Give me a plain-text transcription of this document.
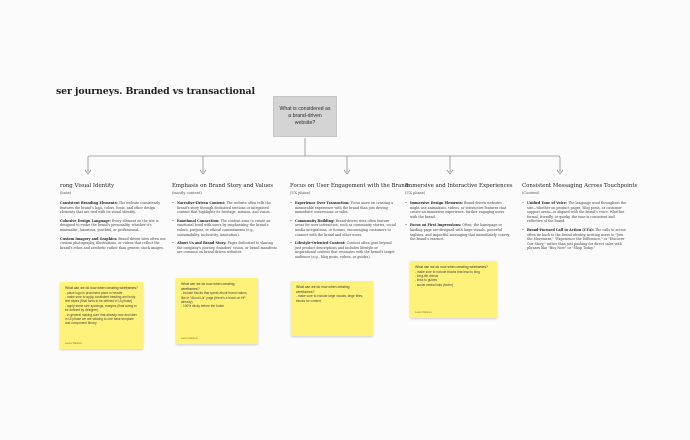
ser journeys. Branded vs transactional
What is considered as a brand-driven website?
rong Visual Identity
(base)
Consistent Branding Elements: The website consistently features the brand's logo, colors, fonts, and other design elements that are tied with its visual identity.
Cohesive Design Language: Every element on the site is designed to evoke the brand's personality, whether it's minimalist, luxurious, youthful, or professional.
Custom Imagery and Graphics: Brand-driven sites often use custom photography, illustrations, or videos that reflect the brand's ethos and aesthetic rather than generic stock images.
What can we do now when creating wireframes?
- place logo in prominent place in header
- make sure to apply consistent heading and body text styles (final fonts to be defined in UI phase)
- apply same size spacings, margins (final sizing to be defined by designer)
- in general making sure that already now and later in UI phase we are sticking to one base template and component library
Laura Vladova
Emphasis on Brand Story and Values
(mostly content)
• Narrative-Driven Content: The website often tells the brand's story through dedicated sections or integrated content that highlights its heritage, mission, and vision.
• Emotional Connection: The content aims to create an emotional bond with users by emphasizing the brand's values, purpose, or ethical commitments (e.g., sustainability, inclusivity, innovation).
• About Us and Brand Story: Pages dedicated to sharing the company's journey, founders' vision, or brand manifesto are common on brand-driven websites.
What can we do now when creating wireframes?
- include blocks that speak about brand values, like ie "About Us" page (there's a block on HP already)
- 100% sticky before the footer
Laura Vladova
Focus on User Engagement with the Brand
(UX phase)
• Experience Over Transaction: Focus more on creating a memorable experience with the brand than just driving immediate conversions or sales.
• Community Building: Brand-driven sites often feature areas for user interaction, such as community stories, social media integrations, or forums, encouraging customers to connect with the brand and other users.
• Lifestyle-Oriented Content: Content often goes beyond just product descriptions and includes lifestyle or inspirational content that resonates with the brand's target audience (e.g., blog posts, videos, or guides).
What can we do now when creating wireframes?
- make sure to include large visuals, large titles, blocks for content
Immersive and Interactive Experiences
(UX phase)
• Immersive Design Elements: Brand-driven websites might use animations, videos, or interactive features that create an immersive experience, further engaging users with the brand.
• Focus on First Impressions: Often, the homepage or landing page are designed with large visuals, powerful taglines, and impactful messaging that immediately convey the brand's essence.
What can we do now when creating wireframes?
- make sure to include blocks that lead to blog
- long-tile videos
- links to guides
- social media links (footer)
Laura Vladova
Consistent Messaging Across Touchpoints
(Content)
• Unified Tone of Voice: The language used throughout the site—whether on product pages, blog posts, or customer support areas—is aligned with the brand's voice. Whether formal, friendly, or quirky, the tone is consistent and reflective of the brand.
• Brand-Focused Call to Action (CTA): The calls to action often tie back to the brand identity, inviting users to "Join the Movement," "Experience the Difference," or "Discover Our Story," rather than just pushing for direct sales with phrases like "Buy Now" or "Shop Today."
